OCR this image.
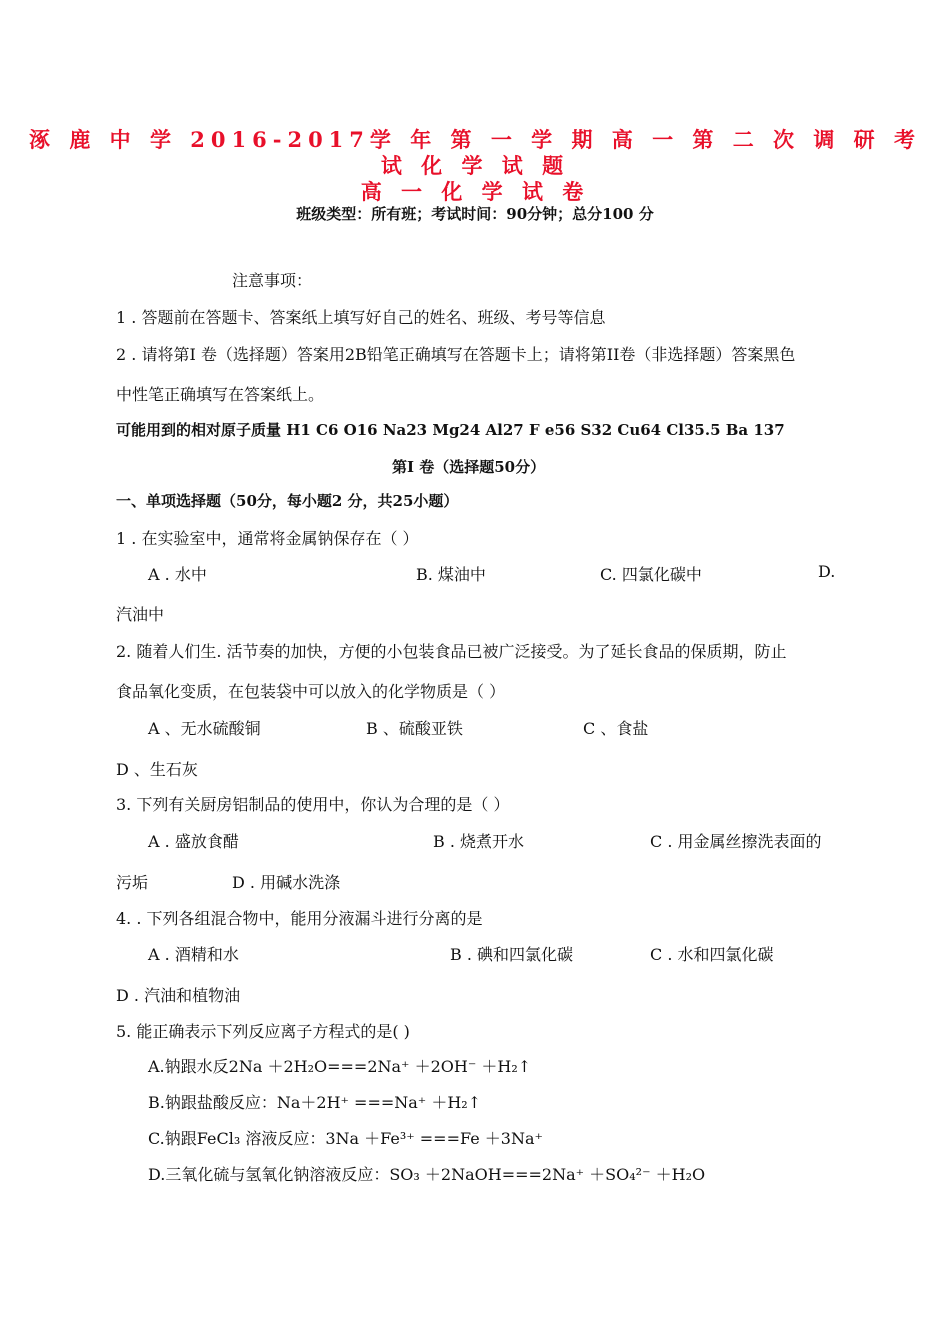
涿 鹿 中 学 2016-2017学 年 第 一 学 期 高 一 第 二 次 调 研 考
试 化 学 试 题
高 一 化 学 试 卷
班级类型：所有班；考试时间：90分钟；总分100 分
注意事项：
1 . 答题前在答题卡、答案纸上填写好自己的姓名、班级、考号等信息
2 . 请将第I 卷（选择题）答案用2B铅笔正确填写在答题卡上；请将第II卷（非选择题）答案黑色
中性笔正确填写在答案纸上。
可能用到的相对原子质量 H1 C6 O16 Na23 Mg24 Al27 F e56 S32 Cu64 Cl35.5 Ba 137
第I 卷（选择题50分）
一、单项选择题（50分，每小题2 分，共25小题）
1 . 在实验室中，通常将金属钠保存在（ ）
A . 水中	B. 煤油中	C. 四氯化碳中	D.
汽油中
2. 随着人们生. 活节奏的加快，方便的小包装食品已被广泛接受。为了延长食品的保质期，防止
食品氧化变质，在包装袋中可以放入的化学物质是（ ）
A 、无水硫酸铜	B 、硫酸亚铁	C 、食盐
D 、生石灰
3. 下列有关厨房铝制品的使用中，你认为合理的是（ ）
A . 盛放食醋	B . 烧煮开水	C . 用金属丝擦洗表面的
污垢	D . 用碱水洗涤
4. . 下列各组混合物中，能用分液漏斗进行分离的是
A . 酒精和水	B . 碘和四氯化碳	C . 水和四氯化碳
D . 汽油和植物油
5. 能正确表示下列反应离子方程式的是( )
A.钠跟水反2Na ＋2H₂O===2Na⁺ ＋2OH⁻ ＋H₂↑
B.钠跟盐酸反应：Na＋2H⁺ ===Na⁺ ＋H₂↑
C.钠跟FeCl₃ 溶液反应：3Na ＋Fe³⁺ ===Fe ＋3Na⁺
D.三氧化硫与氢氧化钠溶液反应：SO₃ ＋2NaOH===2Na⁺ ＋SO₄²⁻ ＋H₂O
